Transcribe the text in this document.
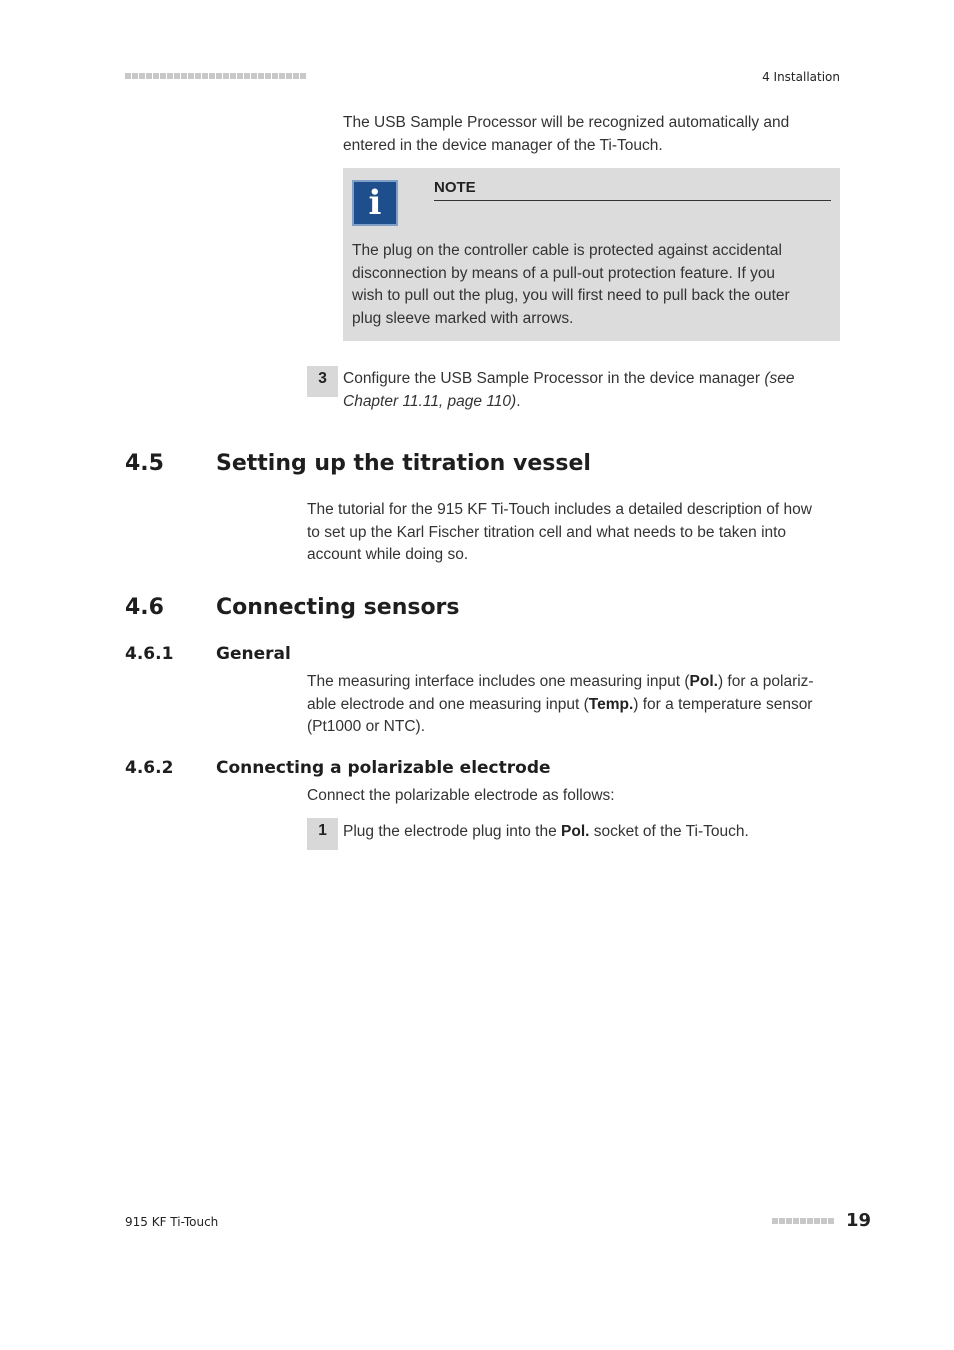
4 Installation
The USB Sample Processor will be recognized automatically and
entered in the device manager of the Ti-Touch.
i	NOTE
The plug on the controller cable is protected against accidental
disconnection by means of a pull-out protection feature. If you
wish to pull out the plug, you will first need to pull back the outer
plug sleeve marked with arrows.
3	Configure the USB Sample Processor in the device manager (see
Chapter 11.11, page 110).
4.5 Setting up the titration vessel
The tutorial for the 915 KF Ti-Touch includes a detailed description of how
to set up the Karl Fischer titration cell and what needs to be taken into
account while doing so.
4.6 Connecting sensors
4.6.1	General
The measuring interface includes one measuring input (Pol.) for a polariz-
able electrode and one measuring input (Temp.) for a temperature sensor
(Pt1000 or NTC).
4.6.2	Connecting a polarizable electrode
Connect the polarizable electrode as follows:
1	Plug the electrode plug into the Pol. socket of the Ti-Touch.
915 KF Ti-Touch	19
